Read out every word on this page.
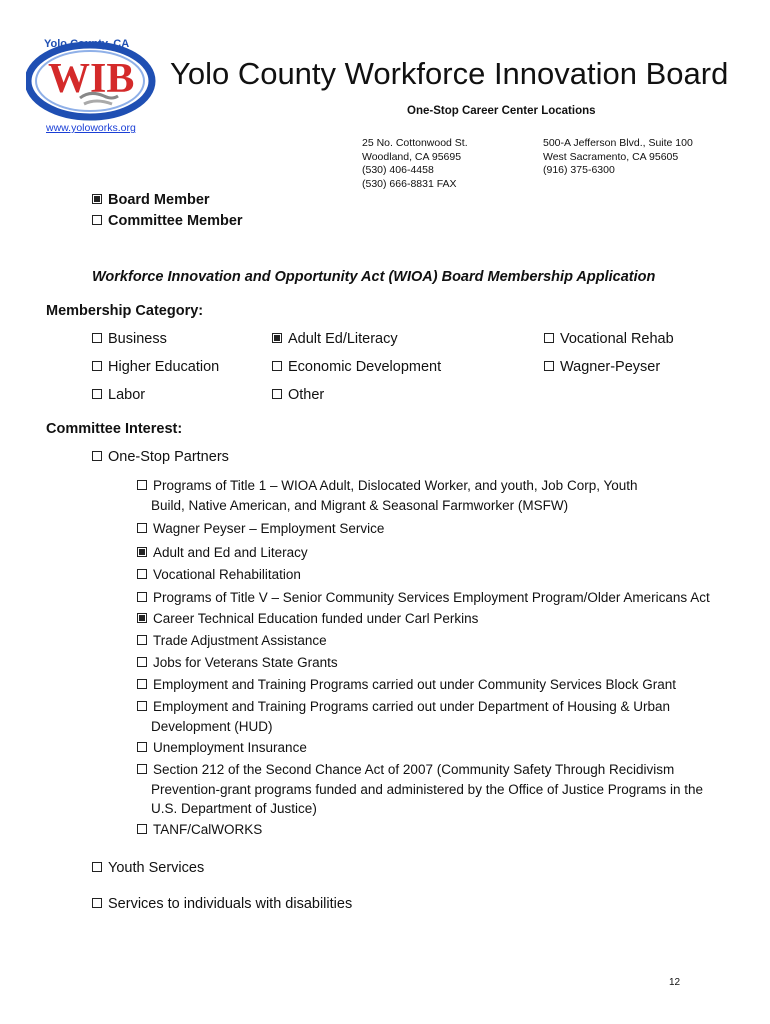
Yolo County, CA
WIB Yolo County Workforce Innovation Board
One-Stop Career Center Locations
www.yoloworks.org
25 No. Cottonwood St.
Woodland, CA 95695
(530) 406-4458
(530) 666-8831 FAX
500-A Jefferson Blvd., Suite 100
West Sacramento, CA 95605
(916) 375-6300
Board Member
Committee Member
Workforce Innovation and Opportunity Act (WIOA) Board Membership Application
Membership Category:
Business	Adult Ed/Literacy	Vocational Rehab
Higher Education	Economic Development	Wagner-Peyser
Labor	Other
Committee Interest:
One-Stop Partners
Programs of Title 1 – WIOA Adult, Dislocated Worker, and youth, Job Corp, Youth
Build, Native American, and Migrant & Seasonal Farmworker (MSFW)
Wagner Peyser – Employment Service
Adult and Ed and Literacy
Vocational Rehabilitation
Programs of Title V – Senior Community Services Employment Program/Older Americans Act
Career Technical Education funded under Carl Perkins
Trade Adjustment Assistance
Jobs for Veterans State Grants
Employment and Training Programs carried out under Community Services Block Grant
Employment and Training Programs carried out under Department of Housing & Urban
Development (HUD)
Unemployment Insurance
Section 212 of the Second Chance Act of 2007 (Community Safety Through Recidivism
Prevention-grant programs funded and administered by the Office of Justice Programs in the
U.S. Department of Justice)
TANF/CalWORKS
Youth Services
Services to individuals with disabilities
12
